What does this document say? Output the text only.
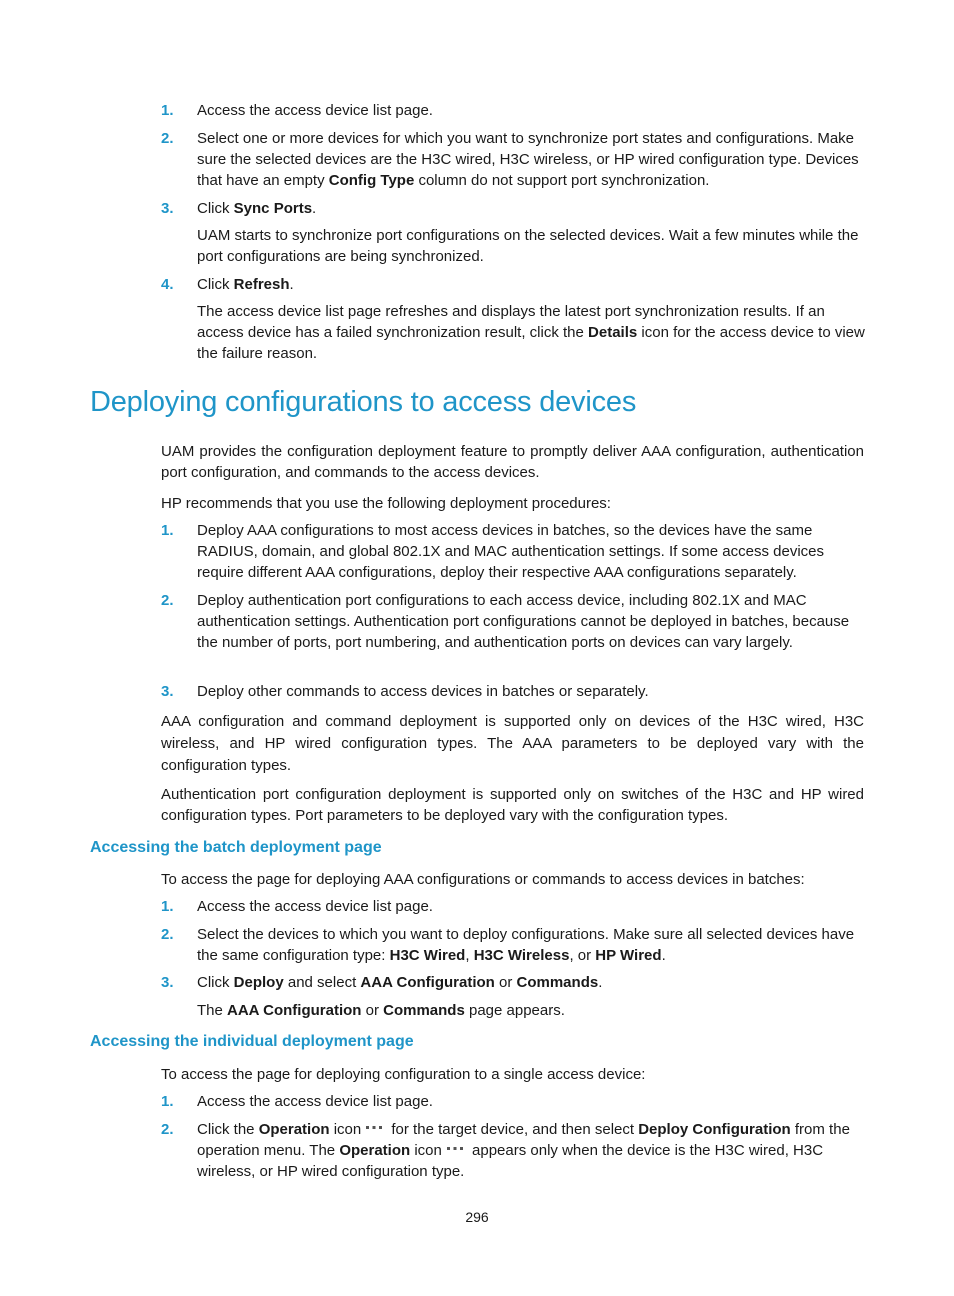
1. Access the access device list page.
2. Select one or more devices for which you want to synchronize port states and configurations. Make sure the selected devices are the H3C wired, H3C wireless, or HP wired configuration type. Devices that have an empty Config Type column do not support port synchronization.
3. Click Sync Ports.
UAM starts to synchronize port configurations on the selected devices. Wait a few minutes while the port configurations are being synchronized.
4. Click Refresh.
The access device list page refreshes and displays the latest port synchronization results. If an access device has a failed synchronization result, click the Details icon for the access device to view the failure reason.
Deploying configurations to access devices
UAM provides the configuration deployment feature to promptly deliver AAA configuration, authentication port configuration, and commands to the access devices.
HP recommends that you use the following deployment procedures:
1. Deploy AAA configurations to most access devices in batches, so the devices have the same RADIUS, domain, and global 802.1X and MAC authentication settings. If some access devices require different AAA configurations, deploy their respective AAA configurations separately.
2. Deploy authentication port configurations to each access device, including 802.1X and MAC authentication settings. Authentication port configurations cannot be deployed in batches, because the number of ports, port numbering, and authentication ports on devices can vary largely.
3. Deploy other commands to access devices in batches or separately.
AAA configuration and command deployment is supported only on devices of the H3C wired, H3C wireless, and HP wired configuration types. The AAA parameters to be deployed vary with the configuration types.
Authentication port configuration deployment is supported only on switches of the H3C and HP wired configuration types. Port parameters to be deployed vary with the configuration types.
Accessing the batch deployment page
To access the page for deploying AAA configurations or commands to access devices in batches:
1. Access the access device list page.
2. Select the devices to which you want to deploy configurations. Make sure all selected devices have the same configuration type: H3C Wired, H3C Wireless, or HP Wired.
3. Click Deploy and select AAA Configuration or Commands.
The AAA Configuration or Commands page appears.
Accessing the individual deployment page
To access the page for deploying configuration to a single access device:
1. Access the access device list page.
2. Click the Operation icon for the target device, and then select Deploy Configuration from the operation menu. The Operation icon appears only when the device is the H3C wired, H3C wireless, or HP wired configuration type.
296
